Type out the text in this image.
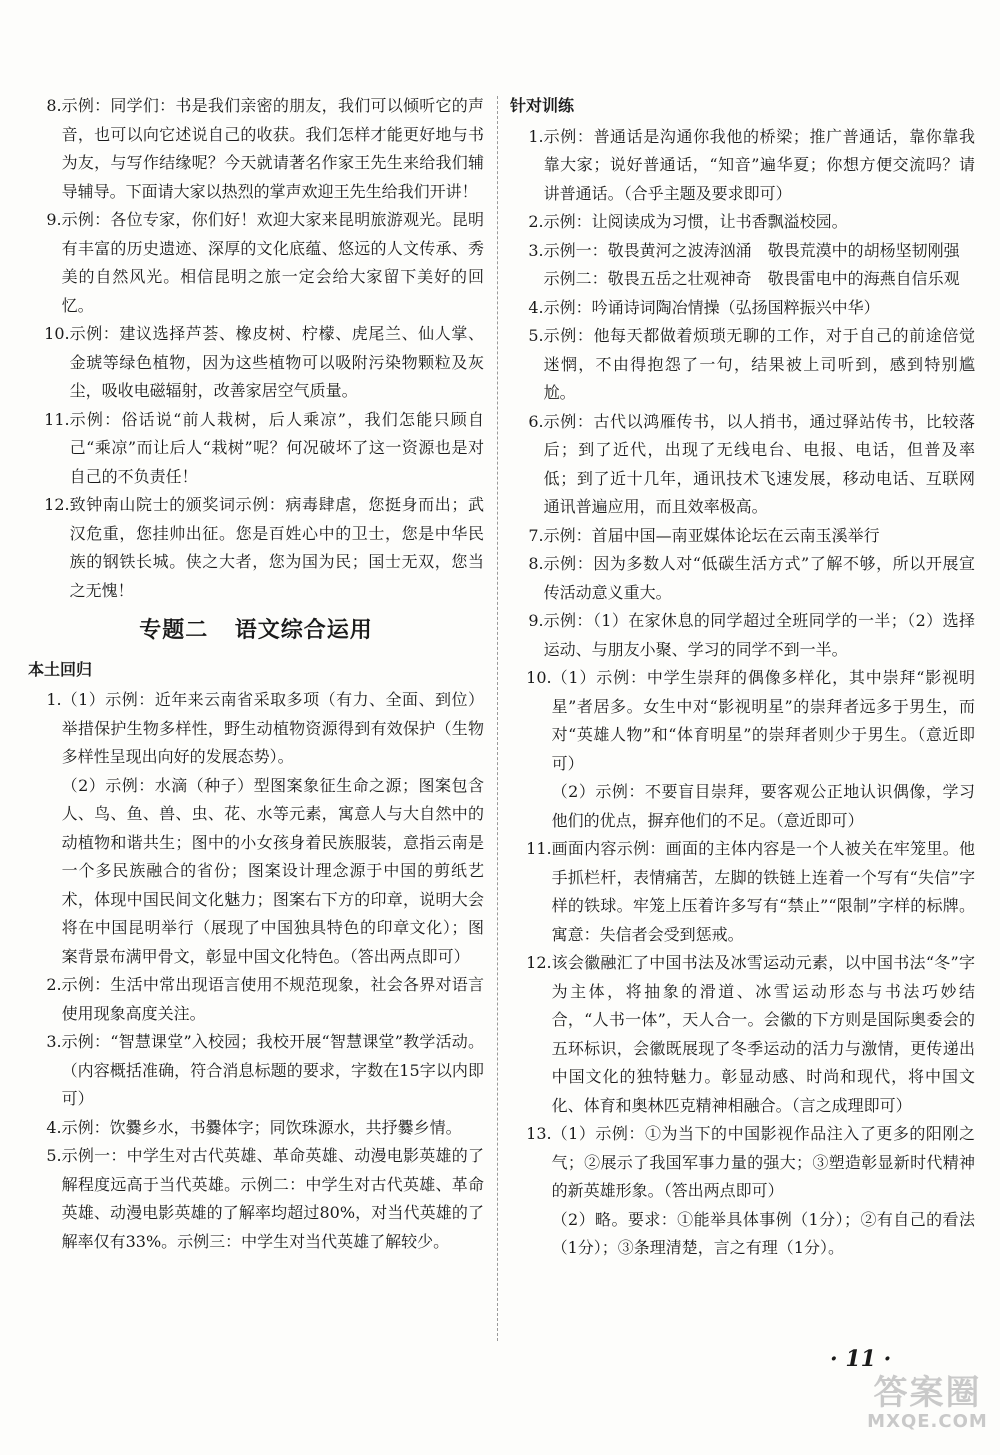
8. 示例：同学们：书是我们亲密的朋友，我们可以倾听它的声音，也可以向它述说自己的收获。我们怎样才能更好地与书为友，与写作结缘呢？今天就请著名作家王先生来给我们辅导辅导。下面请大家以热烈的掌声欢迎王先生给我们开讲！
9. 示例：各位专家，你们好！欢迎大家来昆明旅游观光。昆明有丰富的历史遗迹、深厚的文化底蕴、悠远的人文传承、秀美的自然风光。相信昆明之旅一定会给大家留下美好的回忆。
10. 示例：建议选择芦荟、橡皮树、柠檬、虎尾兰、仙人掌、金琥等绿色植物，因为这些植物可以吸附污染物颗粒及灰尘，吸收电磁辐射，改善家居空气质量。
11. 示例：俗话说“前人栽树，后人乘凉”，我们怎能只顾自己“乘凉”而让后人“栽树”呢？何况破坏了这一资源也是对自己的不负责任！
12. 致钟南山院士的颁奖词示例：病毒肆虐，您挺身而出；武汉危重，您挂帅出征。您是百姓心中的卫士，您是中华民族的钢铁长城。侠之大者，您为国为民；国士无双，您当之无愧！
专题二 语文综合运用
本土回归
1. （1）示例：近年来云南省采取多项（有力、全面、到位）举措保护生物多样性，野生动植物资源得到有效保护（生物多样性呈现出向好的发展态势）。
（2）示例：水滴（种子）型图案象征生命之源；图案包含人、鸟、鱼、兽、虫、花、水等元素，寓意人与大自然中的动植物和谐共生；图中的小女孩身着民族服装，意指云南是一个多民族融合的省份；图案设计理念源于中国的剪纸艺术，体现中国民间文化魅力；图案右下方的印章，说明大会将在中国昆明举行（展现了中国独具特色的印章文化）；图案背景布满甲骨文，彰显中国文化特色。（答出两点即可）
2. 示例：生活中常出现语言使用不规范现象，社会各界对语言使用现象高度关注。
3. 示例：“智慧课堂”入校园；我校开展“智慧课堂”教学活动。（内容概括准确，符合消息标题的要求，字数在15字以内即可）
4. 示例：饮爨乡水，书爨体字；同饮珠源水，共抒爨乡情。
5. 示例一：中学生对古代英雄、革命英雄、动漫电影英雄的了解程度远高于当代英雄。示例二：中学生对古代英雄、革命英雄、动漫电影英雄的了解率均超过80%，对当代英雄的了解率仅有33%。示例三：中学生对当代英雄了解较少。
针对训练
1. 示例：普通话是沟通你我他的桥梁；推广普通话，靠你靠我靠大家；说好普通话，“知音”遍华夏；你想方便交流吗？请讲普通话。（合乎主题及要求即可）
2. 示例：让阅读成为习惯，让书香飘溢校园。
3. 示例一：敬畏黄河之波涛汹涌　敬畏荒漠中的胡杨坚韧刚强
示例二：敬畏五岳之壮观神奇　敬畏雷电中的海燕自信乐观
4. 示例：吟诵诗词陶冶情操（弘扬国粹振兴中华）
5. 示例：他每天都做着烦琐无聊的工作，对于自己的前途倍觉迷惘，不由得抱怨了一句，结果被上司听到，感到特别尴尬。
6. 示例：古代以鸿雁传书，以人捎书，通过驿站传书，比较落后；到了近代，出现了无线电台、电报、电话，但普及率低；到了近十几年，通讯技术飞速发展，移动电话、互联网通讯普遍应用，而且效率极高。
7. 示例：首届中国—南亚媒体论坛在云南玉溪举行
8. 示例：因为多数人对“低碳生活方式”了解不够，所以开展宣传活动意义重大。
9. 示例：（1）在家休息的同学超过全班同学的一半；（2）选择运动、与朋友小聚、学习的同学不到一半。
10. （1）示例：中学生崇拜的偶像多样化，其中崇拜“影视明星”者居多。女生中对“影视明星”的崇拜者远多于男生，而对“英雄人物”和“体育明星”的崇拜者则少于男生。（意近即可）
（2）示例：不要盲目崇拜，要客观公正地认识偶像，学习他们的优点，摒弃他们的不足。（意近即可）
11. 画面内容示例：画面的主体内容是一个人被关在牢笼里。他手抓栏杆，表情痛苦，左脚的铁链上连着一个写有“失信”字样的铁球。牢笼上压着许多写有“禁止”“限制”字样的标牌。寓意：失信者会受到惩戒。
12. 该会徽融汇了中国书法及冰雪运动元素，以中国书法“冬”字为主体，将抽象的滑道、冰雪运动形态与书法巧妙结合，“人书一体”，天人合一。会徽的下方则是国际奥委会的五环标识，会徽既展现了冬季运动的活力与激情，更传递出中国文化的独特魅力。彰显动感、时尚和现代，将中国文化、体育和奥林匹克精神相融合。（言之成理即可）
13. （1）示例：①为当下的中国影视作品注入了更多的阳刚之气；②展示了我国军事力量的强大；③塑造彰显新时代精神的新英雄形象。（答出两点即可）
（2）略。要求：①能举具体事例（1分）；②有自己的看法（1分）；③条理清楚，言之有理（1分）。
· 11 ·
答案圈
MXQE.COM
